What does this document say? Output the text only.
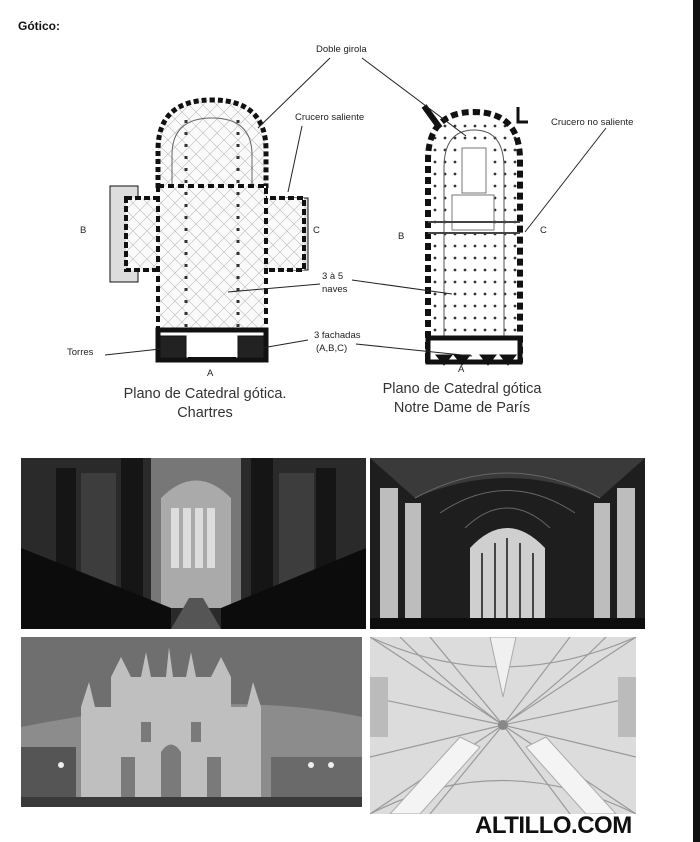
Gótico:
Doble girola
Crucero saliente	Crucero no saliente
B	C
B
C
3 à 5
naves
3 fachadas
(A,B,C)
Torres
A	A
Plano de Catedral gótica.
Chartres
Plano de Catedral gótica
Notre Dame de París
ALTILLO.COM
